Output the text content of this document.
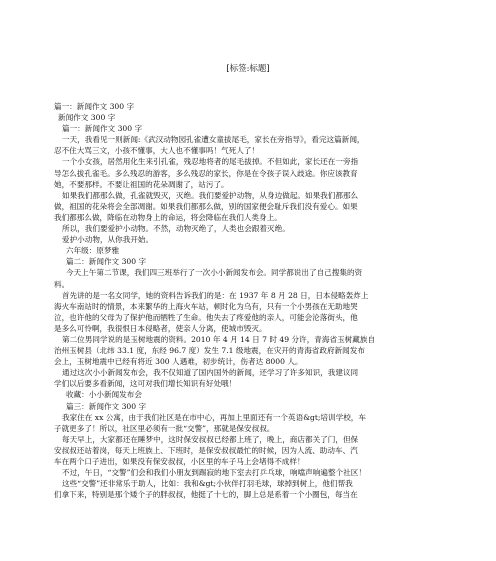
[标签:标题]
篇一：新闻作文 300 字
新闻作文 300 字
篇一：新闻作文 300 字
一天，我看见一则新闻:《武汉动物园孔雀遭女童拔尾毛，家长在旁指导》，看完这篇新闻，
忍不住大骂三文，小孩不懂事，大人也不懂事吗！气死人了！
一个小女孩，居然用化生来引孔雀，残忍地将者的尾毛拔掉。不但如此，家长还在一旁指
导怎么拔孔雀毛。多么残忍的游客，多么残忍的家长，你是在令孩子误入歧途。你应该教育
她，不要那样。不要让祖国的花朵凋谢了，站污了。
如果我们都那么做，孔雀就毁灭，灭绝。我们要爱护动物，从身边做起。如果我们都那么
做，祖国的花朵将会全部凋谢。如果我们都那么做，别的国家便会耻斥我们没有爱心。如果
我们都那么做，降临在动物身上的命运，将会降临在我们人类身上。
所以，我们要爱护小动物。不然，动物灭绝了，人类也会跟着灭绝。
爱护小动物，从你我开始。
六年级：原梦雅
篇二：新闻作文 300 字
今天上午第二节课，我们四三班举行了一次小小新闻发布会。同学都说出了自己搜集的资
料。
首先讲的是一名女同学，她的资料告诉我们的是：在 1937 年 8 月 28 日，日本侵略轰炸上
海火车南站时的情景，本来繁华的上海火车站，顿时化为乌有，只有一个小男孩在无助地哭
泣，也许他的父母为了保护他而牺牲了生命。他失去了疼爱他的亲人，可能会沦落街头，他
是多么可怜啊，我很恨日本侵略者，使亲人分离，使城市毁灭。
第二位男同学说的是玉树地震的资料。2010 年 4 月 14 日 7 时 49 分许，青海省玉树藏族自
治州玉树县（北纬 33.1 度，东经 96.7 度）发生 7.1 级地震，在灾开的青海省政府新闻发布
会上，玉树地震中已经有将近 300 人遇难，初步统计，伤者达 8000 人。
通过这次小小新闻发布会，我不仅知道了国内国外的新闻，还学习了许多知识，我建议同
学们以后要多看新闻，这可对我们增长知识有好处哦！
收藏：小小新闻发布会
篇三：新闻作文 300 字
我家住在 xx 公寓，由于我们社区是在市中心，再加上里面还有一个英语&gt;培训学校，车
子就更多了！所以，社区里必须有一批“交警”，那就是保安叔叔。
每天早上，大家都还在睡梦中，这时保安叔叔已经都上班了，晚上，商店都关了门，但保
安叔叔还站着岗，每天上班族上、下班时，是保安叔叔最忙的时候，因为人流、助动车、汽
车在两个口子进出，如果没有保安叔叔，小区里的车子马上会堵得不成样！
不过，午日，“交警”们会和我们小朋友到踢寂的地下室去打乒乓球，响噹声响遍整个社区！
这些“交警”还非常乐于助人，比如：我和&gt;小伙伴打羽毛球，球掉到树上，他们帮我
们拿下来，特别是那个矮个子的胖叔叔，他挺了十七的，脚上总是系着一个小圈包，每当在
